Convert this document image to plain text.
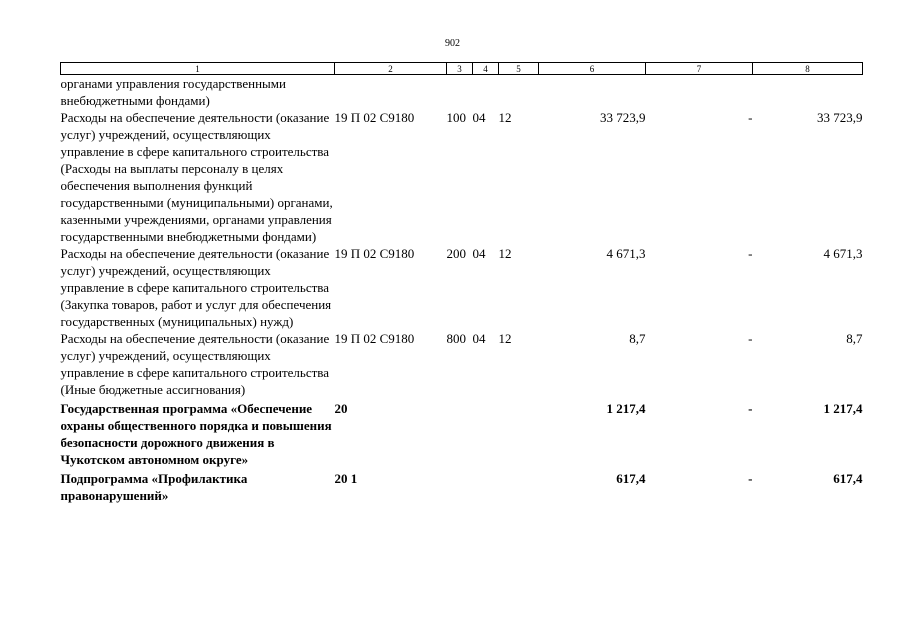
902
1	2	3	4	5	6	7	8
органами управления государственными внебюджетными фондами)							
Расходы на обеспечение деятельности (оказание услуг) учреждений, осуществляющих управление в сфере капитального строительства (Расходы на выплаты персоналу в целях обеспечения выполнения функций государственными (муниципальными) органами, казенными учреждениями, органами управления государственными внебюджетными фондами)	19 П 02 С9180	100	04	12	33 723,9	-	33 723,9
Расходы на обеспечение деятельности (оказание услуг) учреждений, осуществляющих управление в сфере капитального строительства (Закупка товаров, работ и услуг для обеспечения государственных (муниципальных) нужд)	19 П 02 С9180	200	04	12	4 671,3	-	4 671,3
Расходы на обеспечение деятельности (оказание услуг) учреждений, осуществляющих управление в сфере капитального строительства (Иные бюджетные ассигнования)	19 П 02 С9180	800	04	12	8,7	-	8,7
Государственная программа «Обеспечение охраны общественного порядка и повышения безопасности дорожного движения в Чукотском автономном округе»	20				1 217,4	-	1 217,4
Подпрограмма «Профилактика правонарушений»	20 1				617,4	-	617,4
